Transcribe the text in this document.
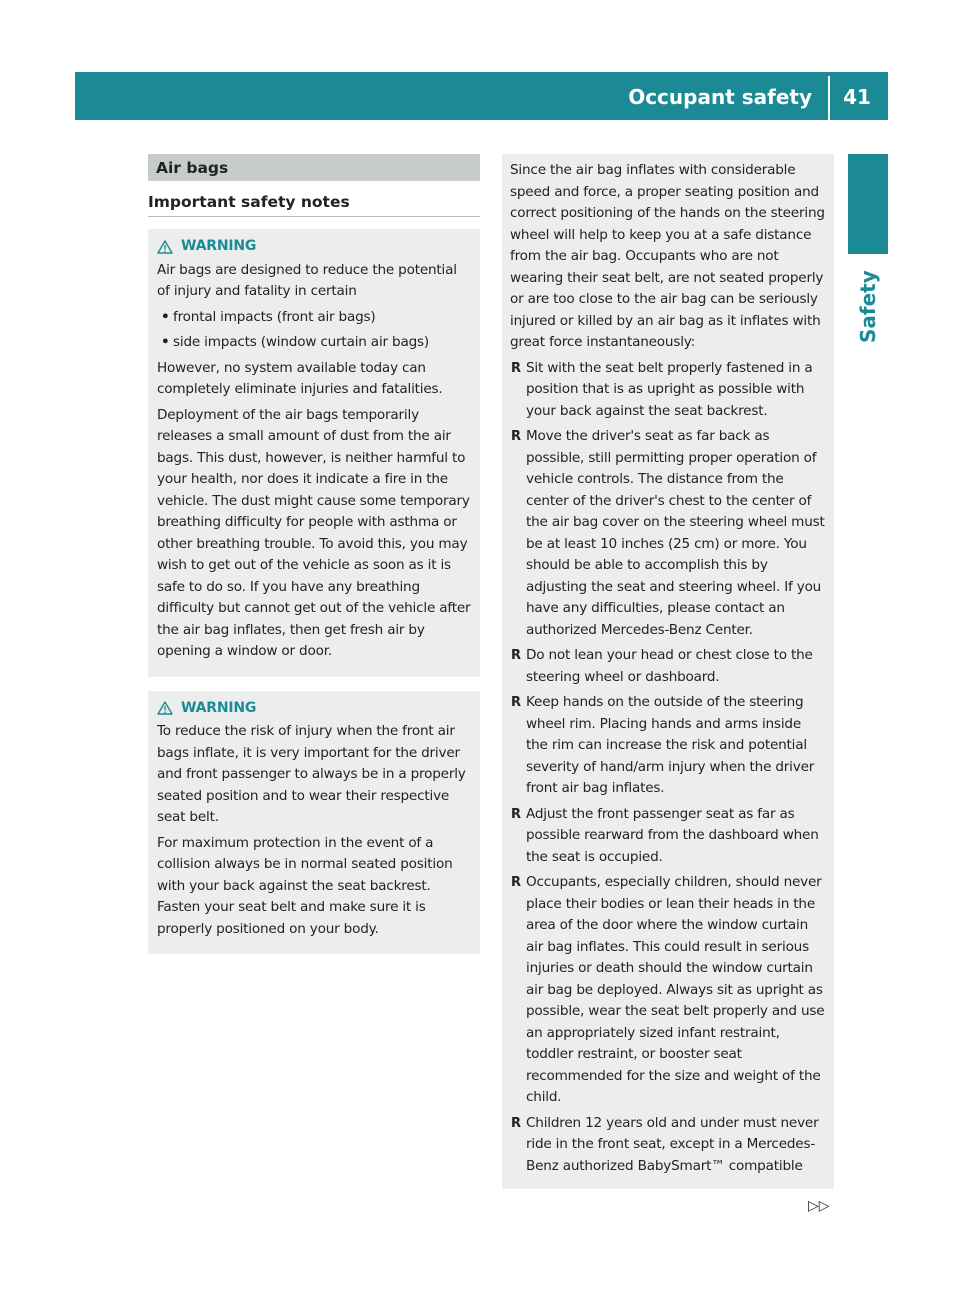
Occupant safety	41
Safety
Air bags
Important safety notes
WARNING

Air bags are designed to reduce the potential of injury and fatality in certain

• frontal impacts (front air bags)
• side impacts (window curtain air bags)

However, no system available today can completely eliminate injuries and fatalities.

Deployment of the air bags temporarily releases a small amount of dust from the air bags. This dust, however, is neither harmful to your health, nor does it indicate a fire in the vehicle. The dust might cause some temporary breathing difficulty for people with asthma or other breathing trouble. To avoid this, you may wish to get out of the vehicle as soon as it is safe to do so. If you have any breathing difficulty but cannot get out of the vehicle after the air bag inflates, then get fresh air by opening a window or door.

WARNING

To reduce the risk of injury when the front air bags inflate, it is very important for the driver and front passenger to always be in a properly seated position and to wear their respective seat belt.

For maximum protection in the event of a collision always be in normal seated position with your back against the seat backrest. Fasten your seat belt and make sure it is properly positioned on your body.

Since the air bag inflates with considerable speed and force, a proper seating position and correct positioning of the hands on the steering wheel will help to keep you at a safe distance from the air bag. Occupants who are not wearing their seat belt, are not seated properly or are too close to the air bag can be seriously injured or killed by an air bag as it inflates with great force instantaneously:

R Sit with the seat belt properly fastened in a position that is as upright as possible with your back against the seat backrest.
R Move the driver's seat as far back as possible, still permitting proper operation of vehicle controls. The distance from the center of the driver's chest to the center of the air bag cover on the steering wheel must be at least 10 inches (25 cm) or more. You should be able to accomplish this by adjusting the seat and steering wheel. If you have any difficulties, please contact an authorized Mercedes-Benz Center.
R Do not lean your head or chest close to the steering wheel or dashboard.
R Keep hands on the outside of the steering wheel rim. Placing hands and arms inside the rim can increase the risk and potential severity of hand/arm injury when the driver front air bag inflates.
R Adjust the front passenger seat as far as possible rearward from the dashboard when the seat is occupied.
R Occupants, especially children, should never place their bodies or lean their heads in the area of the door where the window curtain air bag inflates. This could result in serious injuries or death should the window curtain air bag be deployed. Always sit as upright as possible, wear the seat belt properly and use an appropriately sized infant restraint, toddler restraint, or booster seat recommended for the size and weight of the child.
R Children 12 years old and under must never ride in the front seat, except in a Mercedes-Benz authorized BabySmart™ compatible
▷▷
